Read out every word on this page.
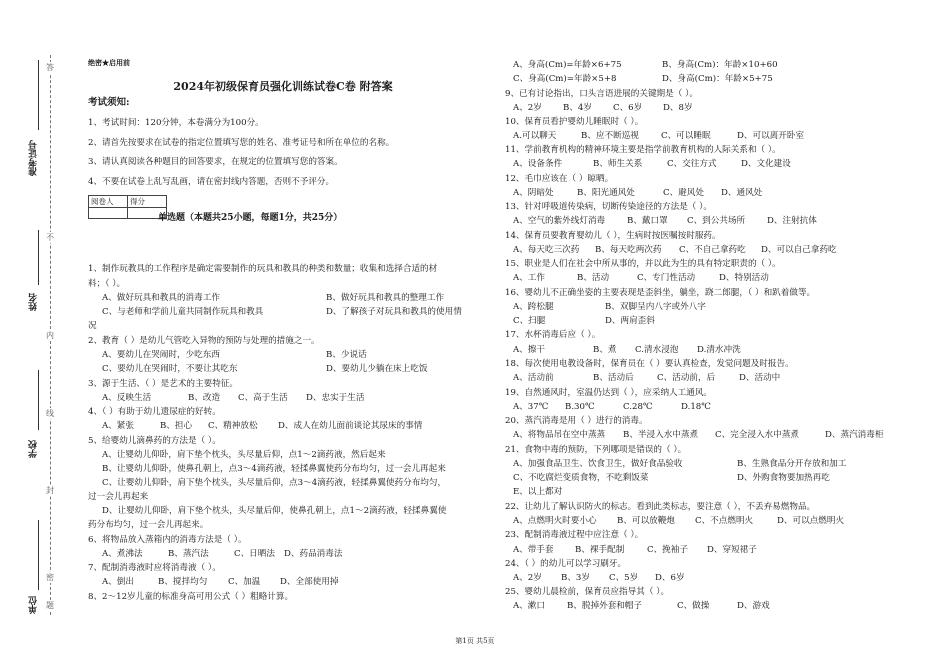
准考证号
姓名
学校
单位
答
不
内
线
封
密
题
绝密★启用前
2024年初级保育员强化训练试卷C卷 附答案
考试须知:
1、考试时间：120分钟，本卷满分为100分。
2、请首先按要求在试卷的指定位置填写您的姓名、准考证号和所在单位的名称。
3、请认真阅读各种题目的回答要求，在规定的位置填写您的答案。
4、不要在试卷上乱写乱画，请在密封线内答题，否则不予评分。
阅卷人	得分

单选题（本题共25小题，每题1分，共25分）
1、制作玩教具的工作程序是确定需要制作的玩具和教具的种类和数量；收集和选择合适的材
料；（ ）。
A、做好玩具和教具的消毒工作	B、做好玩具和教具的整理工作
C、与老师和学前儿童共同制作玩具和教具	D、了解孩子对玩具和教具的使用情
况
2、教育（ ）是幼儿气管吃入异物的预防与处理的措施之一。
A、要幼儿在哭闹时，少吃东西	B、少说话
C、要幼儿在哭闹时，不要让其吃东	D、要幼儿少躺在床上吃饭
3、源于生活、（ ）是艺术的主要特征。
A、反映生活	B、改造 C、高于生活 D、忠实于生活
4、（ ）有助于幼儿遗尿症的好转。
A、紧张	B、担心 C、精神放松 D、成人在幼儿面前谈论其尿床的事情
5、给婴幼儿滴鼻药的方法是（ ）。
A、让婴幼儿仰卧，肩下垫个枕头，头尽量后仰，点1～2滴药液，然后起来
B、让婴幼儿仰卧，使鼻孔朝上，点3～4滴药液，轻揉鼻翼使药分布均匀，过一会儿再起来
C、让婴幼儿仰卧，肩下垫个枕头，头尽量后仰，点3～4滴药液，轻揉鼻翼使药分布均匀，
过一会儿再起来
D、让婴幼儿仰卧，肩下垫个枕头，头尽量后仰，使鼻孔朝上，点1～2滴药液，轻揉鼻翼使
药分布均匀，过一会儿再起来。
6、将物品放入蒸箱内的消毒方法是（ ）。
A、煮沸法	B、蒸汽法	C、日晒法 D、药品消毒法
7、配制消毒液时应将消毒液（ ）。
A、倒出	B、搅拌均匀 C、加温 D、全部使用掉
8、2～12岁儿童的标准身高可用公式（ ）粗略计算。
A、身高(Cm)=年龄×6+75	B、身高(Cm)：年龄×10+60
C、身高(Cm)=年龄×5+8	D、身高(Cm)：年龄×5+75
9、已有讨论指出，口头言语进展的关键期是（ ）。
A、2岁 B、4岁 C、6岁 D、8岁
10、保育员看护婴幼儿睡眠时（ ）。
A.可以聊天	B、应不断巡视	C、可以睡眠	D、可以离开卧室
11、学前教育机构的精神环境主要是指学前教育机构的人际关系和（ ）。
A、设备条件	B、师生关系	C、交往方式	D、文化建设
12、毛巾应该在（ ）晾晒。
A、阴暗处	B、阳光通风处	C、避风处 D、通风处
13、针对呼吸道传染病，切断传染途径的方法是（ ）。
A、空气的紫外线灯消毒	B、戴口罩 C、到公共场所	D、注射抗体
14、保育员要教育婴幼儿（ ），生病时按医嘱按时服药。
A、每天吃三次药 B、每天吃两次药 C、不自己拿药吃 D、可以自己拿药吃
15、职业是人们在社会中所从事的，并以此为生的具有特定职责的（ ）。
A、工作	B、活动	C、专门性活动	D、特别活动
16、婴幼儿不正确坐姿的主要表现是歪斜坐，躺坐，跷二郎腿，（ ）和趴着做等。
A、跨松腿	B、双脚呈内八字或外八字
C、扫腿	D、两肩歪斜
17、水杯消毒后应（ ）。
A、擦干	B、煮 C.清水浸泡 D.清水冲洗
18、每次使用电教设备时，保育员在（ ）要认真检查，发觉问题及时报告。
A、活动前	B、活动后	C、活动前，后	D、活动中
19、自然通风时，室温仍达到（ ），应采纳人工通风。
A、37℃ B.30℃	C.28℃	D.18℃
20、蒸汽消毒是用（ ）进行的消毒。
A、将物品吊在空中蒸蒸 B、半浸入水中蒸煮 C、完全浸入水中蒸煮	D、蒸汽消毒柜
21、食物中毒的预防，下列哪项是错误的（ ）。
A、加强食品卫生、饮食卫生，做好食品验收	B、生熟食品分开存放和加工
C、不吃腐烂变质食物，不吃剩饭菜	D、外购食物要加热再吃
E、以上都对
22、让幼儿了解认识防火的标志。看到此类标志，要注意（ ），不丢弃易燃物品。
A、点燃明火时要小心 B、可以放鞭炮 C、不点燃明火	D、可以点燃明火
23、配制消毒液过程中应注意（ ）。
A、带手套 B、裸手配制	C、挽袖子 D、穿短裙子
24、（ ）的幼儿可以学习刷牙。
A、2岁 B、3岁 C、5岁 D、6岁
25、婴幼儿晨检前，保育员应指导其（ ）。
A、漱口	B、脱掉外套和帽子	C、做操	D、游戏
第1页 共5页
